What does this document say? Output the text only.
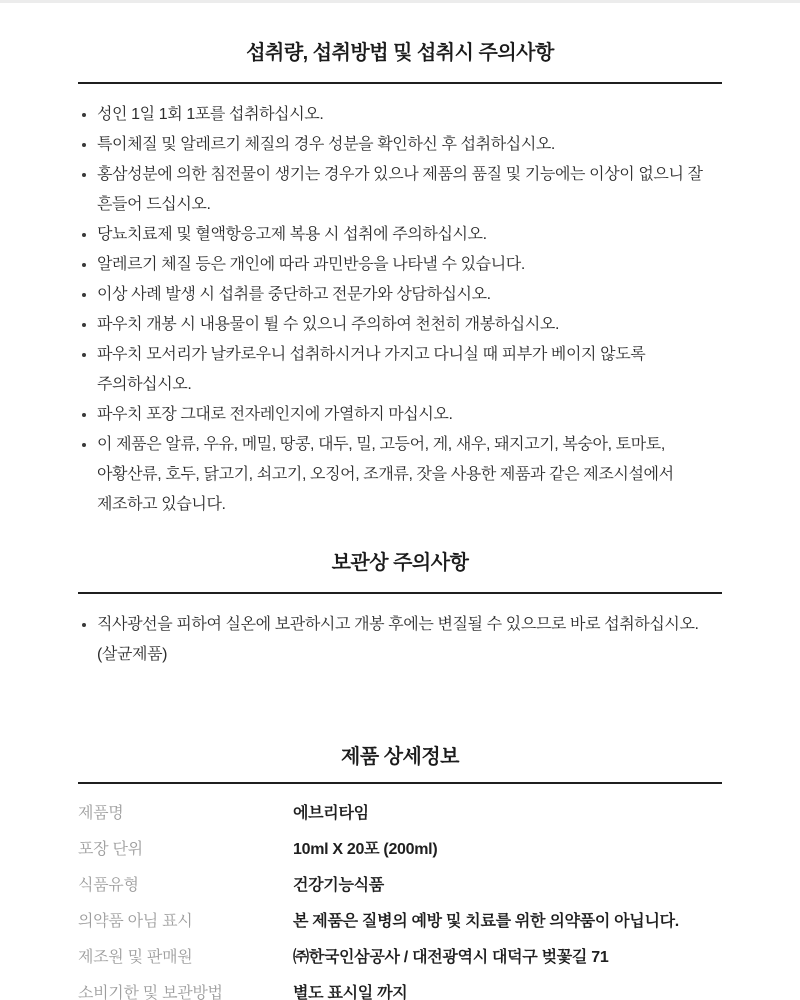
섭취량, 섭취방법 및 섭취시 주의사항
성인 1일 1회 1포를 섭취하십시오.
특이체질 및 알레르기 체질의 경우 성분을 확인하신 후 섭취하십시오.
홍삼성분에 의한 침전물이 생기는 경우가 있으나 제품의 품질 및 기능에는 이상이 없으니 잘 흔들어 드십시오.
당뇨치료제 및 혈액항응고제 복용 시 섭취에 주의하십시오.
알레르기 체질 등은 개인에 따라 과민반응을 나타낼 수 있습니다.
이상 사례 발생 시 섭취를 중단하고 전문가와 상담하십시오.
파우치 개봉 시 내용물이 튈 수 있으니 주의하여 천천히 개봉하십시오.
파우치 모서리가 날카로우니 섭취하시거나 가지고 다니실 때 피부가 베이지 않도록 주의하십시오.
파우치 포장 그대로 전자레인지에 가열하지 마십시오.
이 제품은 알류, 우유, 메밀, 땅콩, 대두, 밀, 고등어, 게, 새우, 돼지고기, 복숭아, 토마토, 아황산류, 호두, 닭고기, 쇠고기, 오징어, 조개류, 잣을 사용한 제품과 같은 제조시설에서 제조하고 있습니다.
보관상 주의사항
직사광선을 피하여 실온에 보관하시고 개봉 후에는 변질될 수 있으므로 바로 섭취하십시오.(살균제품)
제품 상세정보
제품명	에브리타임
포장 단위	10ml X 20포 (200ml)
식품유형	건강기능식품
의약품 아님 표시	본 제품은 질병의 예방 및 치료를 위한 의약품이 아닙니다.
제조원 및 판매원	㈜한국인삼공사 / 대전광역시 대덕구 벚꽃길 71
소비기한 및 보관방법	별도 표시일 까지
